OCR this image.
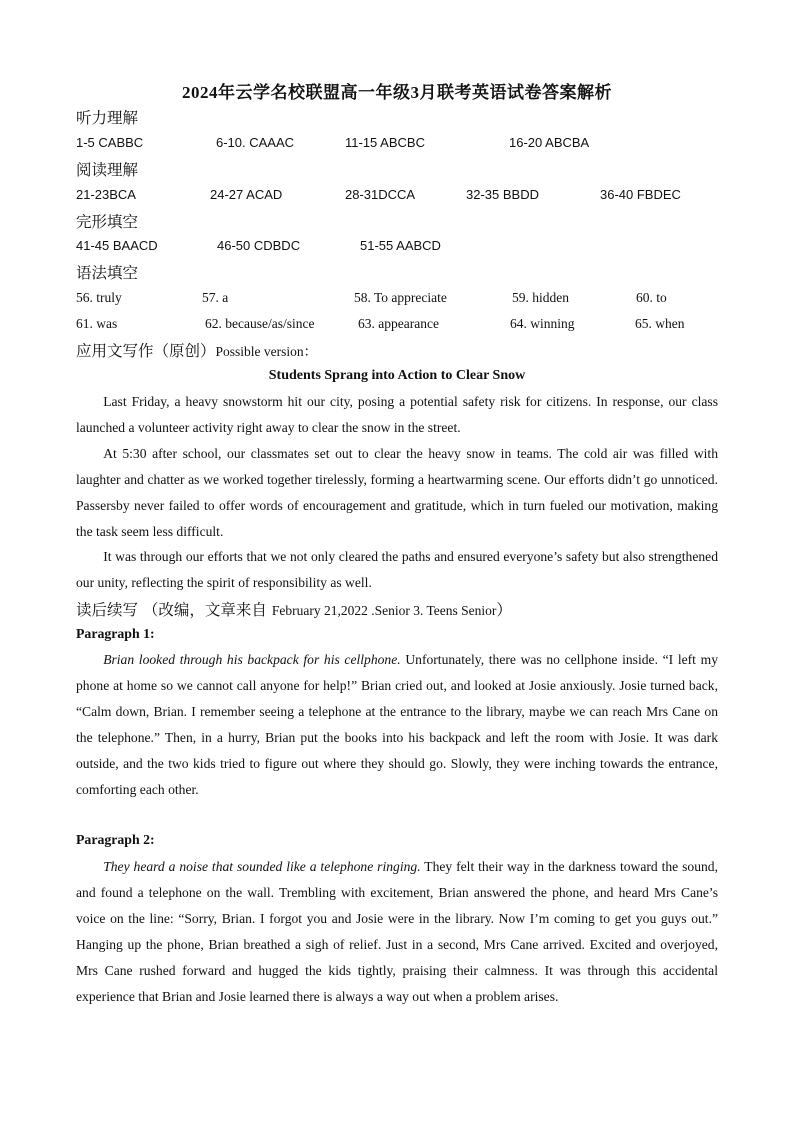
2024年云学名校联盟高一年级3月联考英语试卷答案解析
听力理解
1-5 CABBC	6-10. CAAAC	11-15 ABCBC	16-20 ABCBA
阅读理解
21-23BCA	24-27 ACAD	28-31DCCA	32-35 BBDD	36-40 FBDEC
完形填空
41-45 BAACD	46-50 CDBDC	51-55 AABCD
语法填空
56. truly	57. a	58. To appreciate	59. hidden	60. to
61. was	62. because/as/since	63. appearance	64. winning	65. when
应用文写作（原创）Possible version：
Students Sprang into Action to Clear Snow

Last Friday, a heavy snowstorm hit our city, posing a potential safety risk for citizens. In response, our class launched a volunteer activity right away to clear the snow in the street.

At 5:30 after school, our classmates set out to clear the heavy snow in teams. The cold air was filled with laughter and chatter as we worked together tirelessly, forming a heartwarming scene. Our efforts didn’t go unnoticed. Passersby never failed to offer words of encouragement and gratitude, which in turn fueled our motivation, making the task seem less difficult.

It was through our efforts that we not only cleared the paths and ensured everyone’s safety but also strengthened our unity, reflecting the spirit of responsibility as well.

读后续写 （改编，文章来自 February 21,2022 .Senior 3. Teens Senior）
Paragraph 1:

Brian looked through his backpack for his cellphone. Unfortunately, there was no cellphone inside. “I left my phone at home so we cannot call anyone for help!” Brian cried out, and looked at Josie anxiously. Josie turned back, “Calm down, Brian. I remember seeing a telephone at the entrance to the library, maybe we can reach Mrs Cane on the telephone.” Then, in a hurry, Brian put the books into his backpack and left the room with Josie. It was dark outside, and the two kids tried to figure out where they should go. Slowly, they were inching towards the entrance, comforting each other.

Paragraph 2:

They heard a noise that sounded like a telephone ringing. They felt their way in the darkness toward the sound, and found a telephone on the wall. Trembling with excitement, Brian answered the phone, and heard Mrs Cane’s voice on the line: “Sorry, Brian. I forgot you and Josie were in the library. Now I’m coming to get you guys out.” Hanging up the phone, Brian breathed a sigh of relief. Just in a second, Mrs Cane arrived. Excited and overjoyed, Mrs Cane rushed forward and hugged the kids tightly, praising their calmness. It was through this accidental experience that Brian and Josie learned there is always a way out when a problem arises.
